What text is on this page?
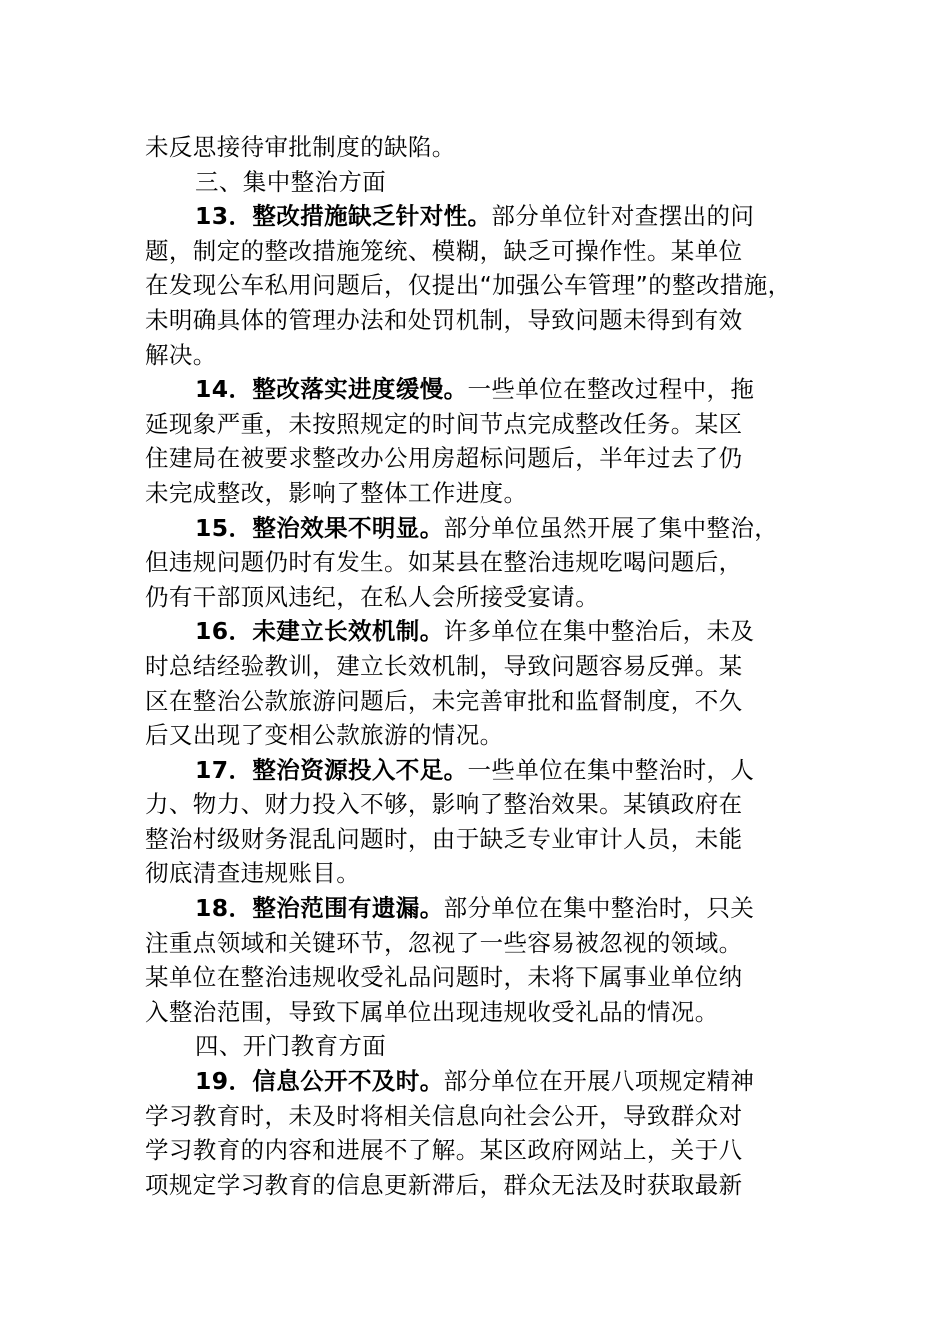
未反思接待审批制度的缺陷。
三、集中整治方面
13．整改措施缺乏针对性。部分单位针对查摆出的问
题，制定的整改措施笼统、模糊，缺乏可操作性。某单位
在发现公车私用问题后，仅提出“加强公车管理”的整改措施，
未明确具体的管理办法和处罚机制，导致问题未得到有效
解决。
14．整改落实进度缓慢。一些单位在整改过程中，拖
延现象严重，未按照规定的时间节点完成整改任务。某区
住建局在被要求整改办公用房超标问题后，半年过去了仍
未完成整改，影响了整体工作进度。
15．整治效果不明显。部分单位虽然开展了集中整治，
但违规问题仍时有发生。如某县在整治违规吃喝问题后，
仍有干部顶风违纪，在私人会所接受宴请。
16．未建立长效机制。许多单位在集中整治后，未及
时总结经验教训，建立长效机制，导致问题容易反弹。某
区在整治公款旅游问题后，未完善审批和监督制度，不久
后又出现了变相公款旅游的情况。
17．整治资源投入不足。一些单位在集中整治时，人
力、物力、财力投入不够，影响了整治效果。某镇政府在
整治村级财务混乱问题时，由于缺乏专业审计人员，未能
彻底清查违规账目。
18．整治范围有遗漏。部分单位在集中整治时，只关
注重点领域和关键环节，忽视了一些容易被忽视的领域。
某单位在整治违规收受礼品问题时，未将下属事业单位纳
入整治范围，导致下属单位出现违规收受礼品的情况。
四、开门教育方面
19．信息公开不及时。部分单位在开展八项规定精神
学习教育时，未及时将相关信息向社会公开，导致群众对
学习教育的内容和进展不了解。某区政府网站上，关于八
项规定学习教育的信息更新滞后，群众无法及时获取最新
